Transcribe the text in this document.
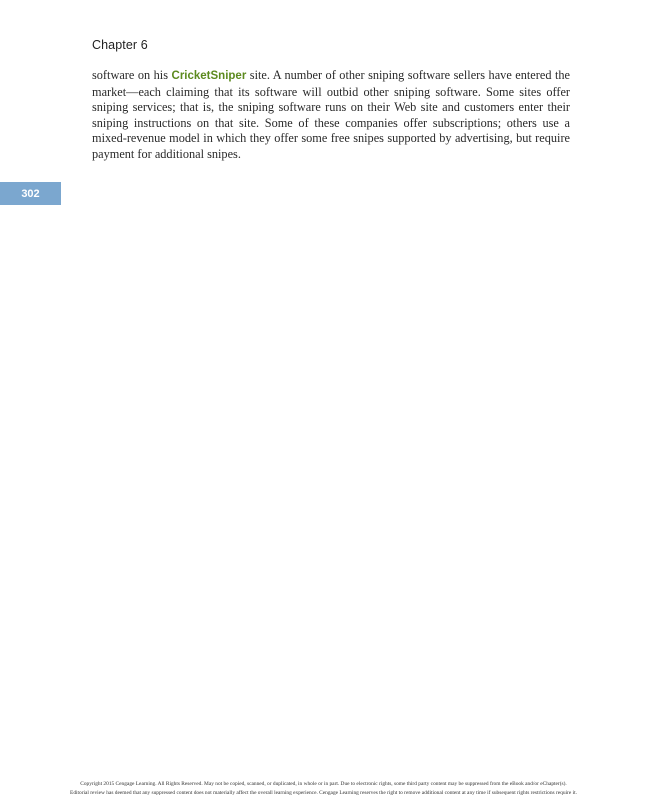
Chapter 6

software on his CricketSniper site. A number of other sniping software sellers have entered the market—each claiming that its software will outbid other sniping software. Some sites offer sniping services; that is, the sniping software runs on their Web site and customers enter their sniping instructions on that site. Some of these companies offer subscriptions; others use a mixed-revenue model in which they offer some free snipes supported by advertising, but require payment for additional snipes.

302
Copyright 2015 Cengage Learning. All Rights Reserved. May not be copied, scanned, or duplicated, in whole or in part. Due to electronic rights, some third party content may be suppressed from the eBook and/or eChapter(s).
Editorial review has deemed that any suppressed content does not materially affect the overall learning experience. Cengage Learning reserves the right to remove additional content at any time if subsequent rights restrictions require it.
